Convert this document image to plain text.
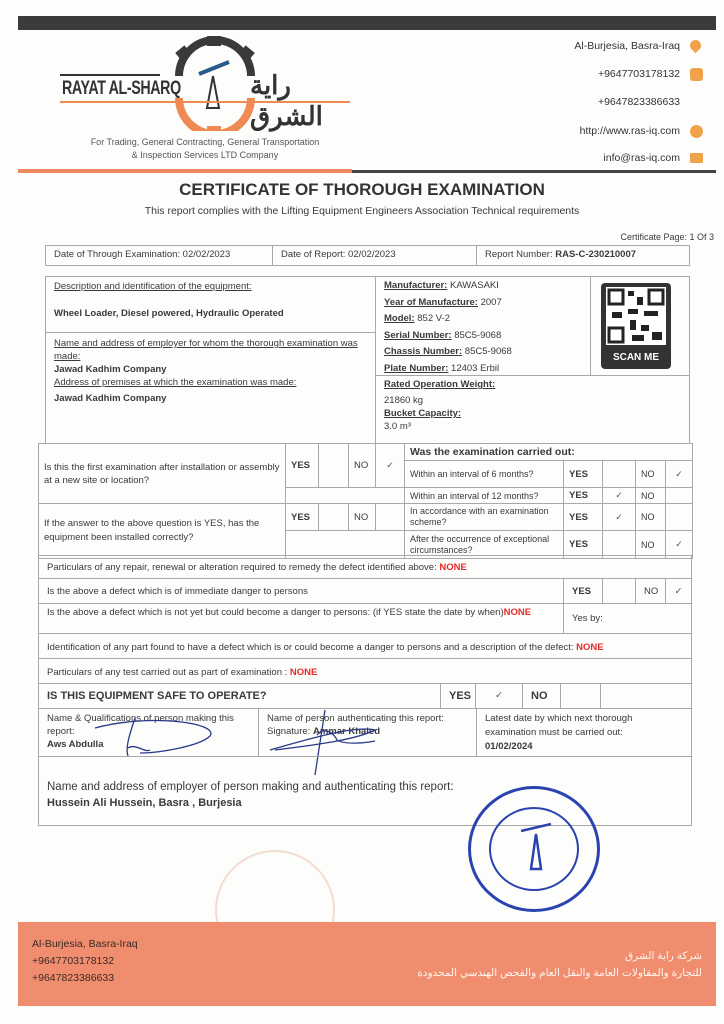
RAYAT AL-SHARQ	راية الشرق
For Trading, General Contracting, General Transportation
& Inspection Services LTD Company
Al-Burjesia, Basra-Iraq
+9647703178132
+9647823386633
http://www.ras-iq.com
info@ras-iq.com
CERTIFICATE OF THOROUGH EXAMINATION
This report complies with the Lifting Equipment Engineers Association Technical requirements
Certificate Page: 1 Of 3
Date of Through Examination: 02/02/2023	Date of Report: 02/02/2023	Report Number: RAS-C-230210007
Description and identification of the equipment:
Wheel Loader, Diesel powered, Hydraulic Operated
Name and address of employer for whom the thorough examination was made:
Jawad Kadhim Company
Address of premises at which the examination was made:
Jawad Kadhim Company
Manufacturer: KAWASAKI
Year of Manufacture: 2007
Model: 852 V-2
Serial Number: 85C5-9068
Chassis Number: 85C5-9068
Plate Number: 12403 Erbil
SCAN ME
Rated Operation Weight:
21860 kg
Bucket Capacity:
3.0 m³
Is this the first examination after installation or assembly at a new site or location?	YES		NO	✓	Was the examination carried out:				
					Within an interval of 6 months?	YES		NO	✓
					Within an interval of 12 months?	YES	✓	NO	
If the answer to the above question is YES, has the equipment been installed correctly?	YES		NO		In accordance with an examination scheme?	YES	✓	NO	
					After the occurrence of exceptional circumstances?	YES		NO	✓
Particulars of any repair, renewal or alteration required to remedy the defect identified above: NONE
Is the above a defect which is of immediate danger to persons	YES	NO	✓
Is the above a defect which is not yet but could become a danger to persons: (if YES state the date by when)NONE
Yes by:
Identification of any part found to have a defect which is or could become a danger to persons and a description of the defect: NONE
Particulars of any test carried out as part of examination : NONE
IS THIS EQUIPMENT SAFE TO OPERATE?	YES	✓	NO
Name & Qualifications of person making this report:
Aws Abdulla
Name of person authenticating this report:
Signature: Ammar Khaled
Latest date by which next thorough examination must be carried out:
01/02/2024
Name and address of employer of person making and authenticating this report:
Hussein Ali Hussein, Basra , Burjesia
Al-Burjesia, Basra-Iraq
+9647703178132
+9647823386633
شركة راية الشرق
للتجارة والمقاولات العامة والنقل العام والفحص الهندسي المحدودة
